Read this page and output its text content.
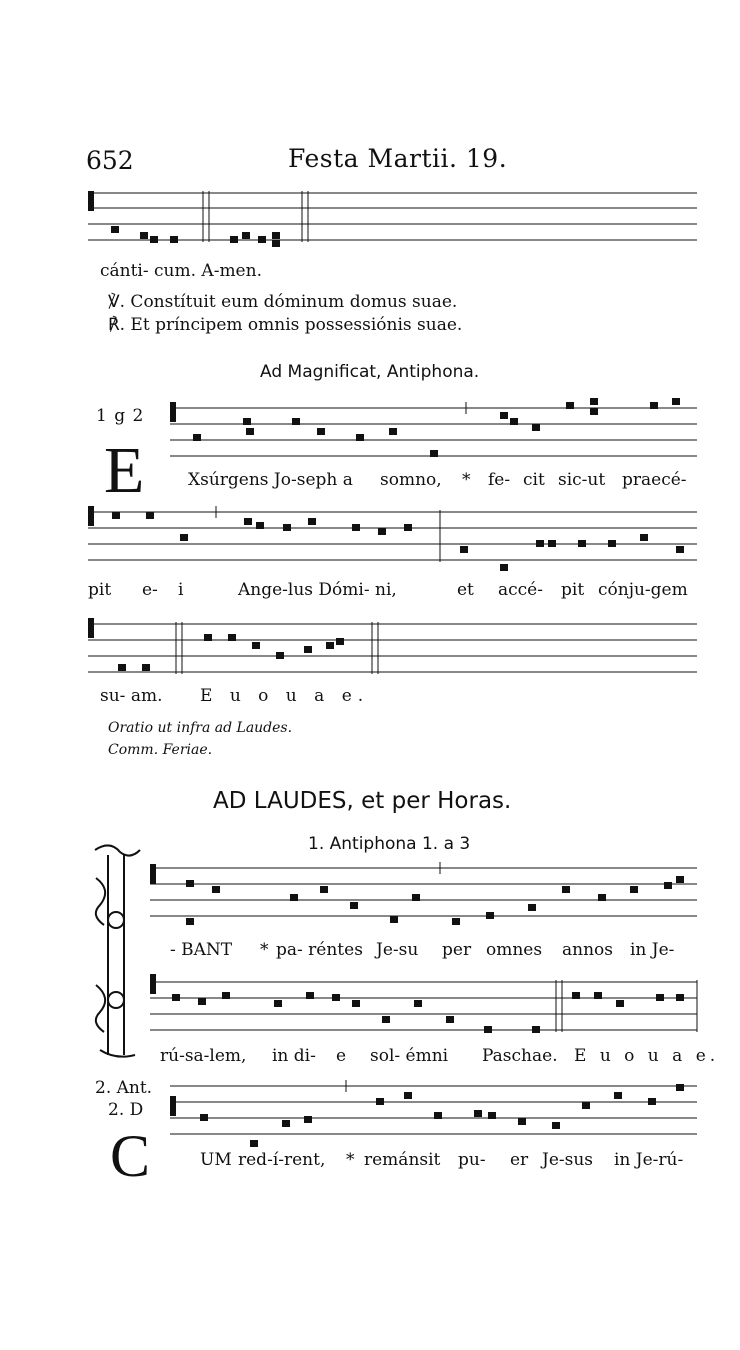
652	Festa Martii. 19.
cánti- cum. A-men.
℣. Constítuit eum dóminum domus suae.
℟. Et príncipem omnis possessiónis suae.
Ad Magnificat, Antiphona.
1 g 2
E	Xsúrgens Jo-seph a somno, * fe- cit sic-ut praecé-
pit e- i	Ange-lus Dómi- ni,	et accé- pit cónju-gem
su- am. E u o u a e.
Oratio ut infra ad Laudes.
Comm. Feriae.
AD LAUDES, et per Horas.
1. Antiphona 1. a 3
- BANT * pa- réntes Je-su per omnes annos in Je-
rú-sa-lem, in di- e sol- émni Paschae. E u o u a e.
2. Ant.
2. D
C	UM red-í-rent, * remánsit pu- er Je-sus in Je-rú-
